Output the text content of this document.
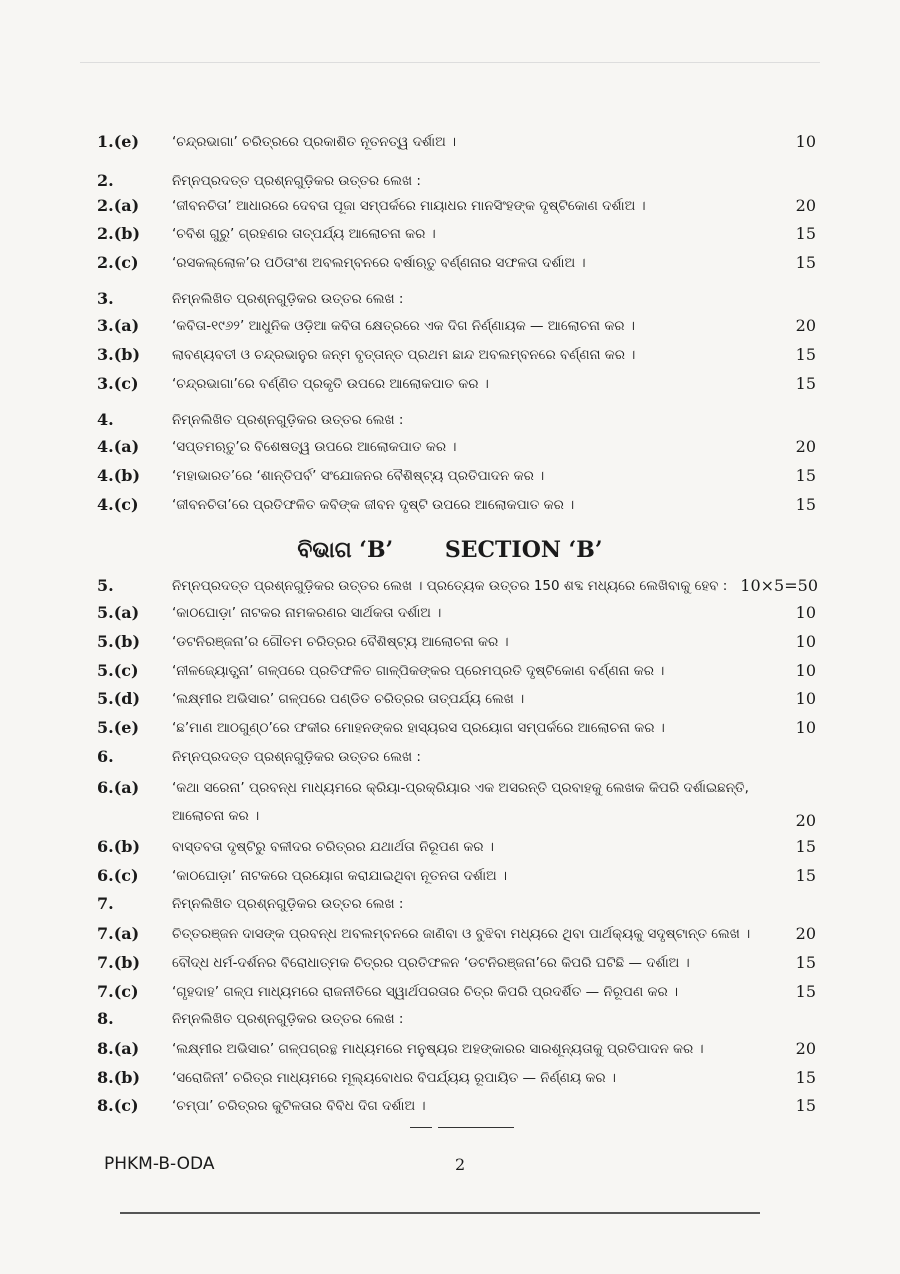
1.(e) ‘ଚନ୍ଦ୍ରଭାଗା’ ଚରିତ୍ରରେ ପ୍ରକାଶିତ ନୂତନତ୍ୱ ଦର୍ଶାଅ ।	10
2.	ନିମ୍ନପ୍ରଦତ୍ତ ପ୍ରଶ୍ନଗୁଡ଼ିକର ଉତ୍ତର ଲେଖ :
2.(a) ‘ଜୀବନଚିତା’ ଆଧାରରେ ଦେବତା ପୂଜା ସମ୍ପର୍କରେ ମାୟାଧର ମାନସିଂହଙ୍କ ଦୃଷ୍ଟିକୋଣ ଦର୍ଶାଅ ।	20
2.(b) ‘ଚବିଶ ଗୁରୁ’ ଗ୍ରହଣର ତାତ୍ପର୍ଯ୍ୟ ଆଲୋଚନା କର ।	15
2.(c) ‘ରସକଲ୍ଲୋଳ’ର ପଠିତାଂଶ ଅବଲମ୍ବନରେ ବର୍ଷାଋତୁ ବର୍ଣ୍ଣନାର ସଫଳତା ଦର୍ଶାଅ ।	15
3.	ନିମ୍ନଲିଖିତ ପ୍ରଶ୍ନଗୁଡ଼ିକର ଉତ୍ତର ଲେଖ :
3.(a) ‘କବିତା-୧୯୬୨’ ଆଧୁନିକ ଓଡ଼ିଆ କବିତା କ୍ଷେତ୍ରରେ ଏକ ଦିଗ ନିର୍ଣ୍ଣାୟକ — ଆଲୋଚନା କର ।	20
3.(b) ଲାବଣ୍ୟବତୀ ଓ ଚନ୍ଦ୍ରଭାନୁର ଜନ୍ମ ବୃତ୍ତାନ୍ତ ପ୍ରଥମ ଛାନ୍ଦ ଅବଲମ୍ବନରେ ବର୍ଣ୍ଣନା କର ।	15
3.(c) ‘ଚନ୍ଦ୍ରଭାଗା’ରେ ବର୍ଣ୍ଣିତ ପ୍ରକୃତି ଉପରେ ଆଲୋକପାତ କର ।	15
4.	ନିମ୍ନଲିଖିତ ପ୍ରଶ୍ନଗୁଡ଼ିକର ଉତ୍ତର ଲେଖ :
4.(a) ‘ସପ୍ତମଋତୁ’ର ବିଶେଷତ୍ୱ ଉପରେ ଆଲୋକପାତ କର ।	20
4.(b) ‘ମହାଭାରତ’ରେ ‘ଶାନ୍ତିପର୍ବ’ ସଂଯୋଜନର ବୈଶିଷ୍ଟ୍ୟ ପ୍ରତିପାଦନ କର ।	15
4.(c) ‘ଜୀବନଚିତା’ରେ ପ୍ରତିଫଳିତ କବିଙ୍କ ଜୀବନ ଦୃଷ୍ଟି ଉପରେ ଆଲୋକପାତ କର ।	15
ବିଭାଗ ‘B’ SECTION ‘B’
5.	ନିମ୍ନପ୍ରଦତ୍ତ ପ୍ରଶ୍ନଗୁଡ଼ିକର ଉତ୍ତର ଲେଖ । ପ୍ରତ୍ୟେକ ଉତ୍ତର 150 ଶବ୍ଦ ମଧ୍ୟରେ ଲେଖିବାକୁ ହେବ : 10×5=50
5.(a) ‘କାଠଘୋଡ଼ା’ ନାଟକର ନାମକରଣର ସାର୍ଥକତା ଦର୍ଶାଅ ।	10
5.(b) ‘ଡଟନିରଞ୍ଜନା’ର ଗୌତମ ଚରିତ୍ରର ବୈଶିଷ୍ଟ୍ୟ ଆଲୋଚନା କର ।	10
5.(c) ‘ନୀଳଜ୍ୟୋତ୍ସ୍ନା’ ଗଳ୍ପରେ ପ୍ରତିଫଳିତ ଗାଳ୍ପିକଙ୍କର ପ୍ରେମପ୍ରତି ଦୃଷ୍ଟିକୋଣ ବର୍ଣ୍ଣନା କର ।	10
5.(d) ‘ଲକ୍ଷ୍ମୀର ଅଭିସାର’ ଗଳ୍ପରେ ପଣ୍ଡିତ ଚରିତ୍ରର ତାତ୍ପର୍ଯ୍ୟ ଲେଖ ।	10
5.(e) ‘ଛ’ମାଣ ଆଠଗୁଣ୍ଠ’ରେ ଫକୀର ମୋହନଙ୍କର ହାସ୍ୟରସ ପ୍ରୟୋଗ ସମ୍ପର୍କରେ ଆଲୋଚନା କର ।	10
6.	ନିମ୍ନପ୍ରଦତ୍ତ ପ୍ରଶ୍ନଗୁଡ଼ିକର ଉତ୍ତର ଲେଖ :
6.(a) ‘କଥା ସରେନା’ ପ୍ରବନ୍ଧ ମାଧ୍ୟମରେ କ୍ରିୟା-ପ୍ରକ୍ରିୟାର ଏକ ଅସରନ୍ତି ପ୍ରବାହକୁ ଲେଖକ କିପରି ଦର୍ଶାଇଛନ୍ତି,
ଆଲୋଚନା କର ।	20
6.(b) ବାସ୍ତବତା ଦୃଷ୍ଟିରୁ ବଳୀଦର ଚରିତ୍ରର ଯଥାର୍ଥତା ନିରୂପଣ କର ।	15
6.(c) ‘କାଠଘୋଡ଼ା’ ନାଟକରେ ପ୍ରୟୋଗ କରାଯାଇଥିବା ନୂତନତା ଦର୍ଶାଅ ।	15
7.	ନିମ୍ନଲିଖିତ ପ୍ରଶ୍ନଗୁଡ଼ିକର ଉତ୍ତର ଲେଖ :
7.(a) ଚିତ୍ତରଞ୍ଜନ ଦାସଙ୍କ ପ୍ରବନ୍ଧ ଅବଲମ୍ବନରେ ଜାଣିବା ଓ ବୁଝିବା ମଧ୍ୟରେ ଥିବା ପାର୍ଥକ୍ୟକୁ ସଦୃଷ୍ଟାନ୍ତ ଲେଖ ।	20
7.(b) ବୌଦ୍ଧ ଧର୍ମ-ଦର୍ଶନର ବିରୋଧାତ୍ମକ ଚିତ୍ରର ପ୍ରତିଫଳନ ‘ଡଟନିରଞ୍ଜନା’ରେ କିପରି ଘଟିଛି — ଦର୍ଶାଅ ।	15
7.(c) ‘ଗୃହଦାହ’ ଗଳ୍ପ ମାଧ୍ୟମରେ ରାଜନୀତିରେ ସ୍ୱାର୍ଥପରତାର ଚିତ୍ର କିପରି ପ୍ରଦର୍ଶିତ — ନିରୂପଣ କର ।	15
8.	ନିମ୍ନଲିଖିତ ପ୍ରଶ୍ନଗୁଡ଼ିକର ଉତ୍ତର ଲେଖ :
8.(a) ‘ଲକ୍ଷ୍ମୀର ଅଭିସାର’ ଗଳ୍ପଗ୍ରନ୍ଥ ମାଧ୍ୟମରେ ମନୁଷ୍ୟର ଅହଙ୍କାରର ସାରଶୂନ୍ୟତାକୁ ପ୍ରତିପାଦନ କର ।	20
8.(b) ‘ସରୋଜିନୀ’ ଚରିତ୍ର ମାଧ୍ୟମରେ ମୂଲ୍ୟବୋଧର ବିପର୍ଯ୍ୟୟ ରୂପାୟିତ — ନିର୍ଣ୍ଣୟ କର ।	15
8.(c) ‘ଚମ୍ପା’ ଚରିତ୍ରର କୁଟିଳତାର ବିବିଧ ଦିଗ ଦର୍ଶାଅ ।	15
PHKM-B-ODA	2
